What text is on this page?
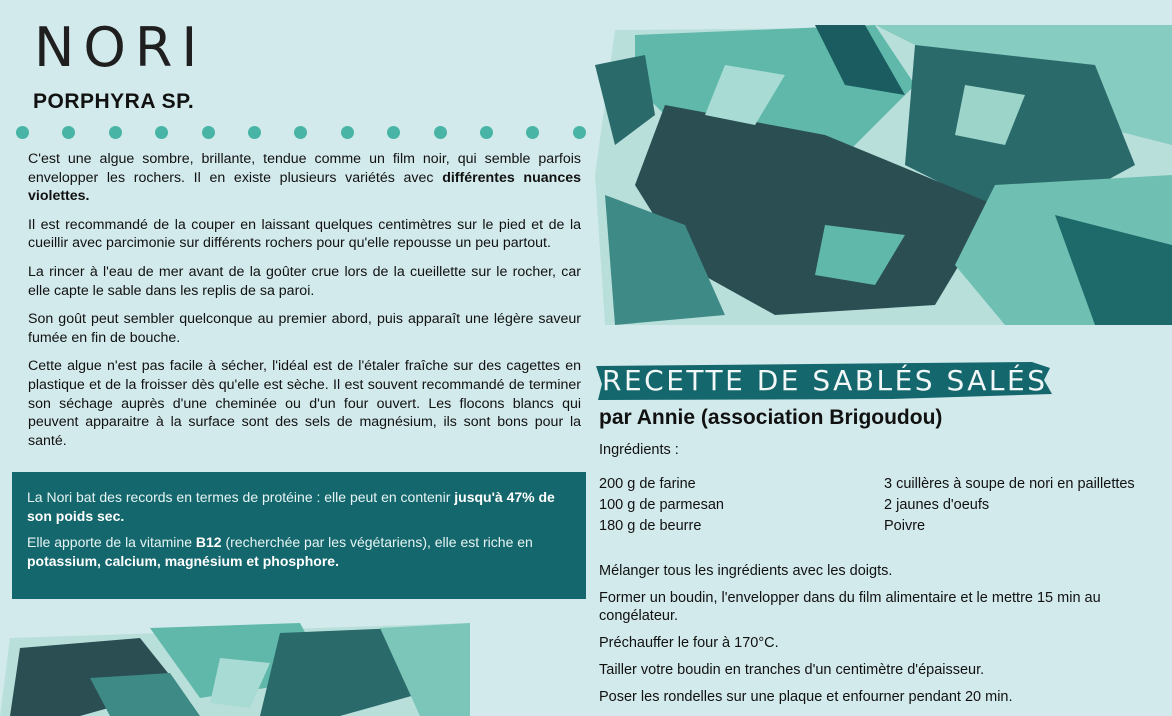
NORI
PORPHYRA SP.

C'est une algue sombre, brillante, tendue comme un film noir, qui semble parfois envelopper les rochers. Il en existe plusieurs variétés avec différentes nuances violettes.

Il est recommandé de la couper en laissant quelques centimètres sur le pied et de la cueillir avec parcimonie sur différents rochers pour qu'elle repousse un peu partout.

La rincer à l'eau de mer avant de la goûter crue lors de la cueillette sur le rocher, car elle capte le sable dans les replis de sa paroi.

Son goût peut sembler quelconque au premier abord, puis apparaît une légère saveur fumée en fin de bouche.

Cette algue n'est pas facile à sécher, l'idéal est de l'étaler fraîche sur des cagettes en plastique et de la froisser dès qu'elle est sèche. Il est souvent recommandé de terminer son séchage auprès d'une cheminée ou d'un four ouvert. Les flocons blancs qui peuvent apparaitre à la surface sont des sels de magnésium, ils sont bons pour la santé.

La Nori bat des records en termes de protéine : elle peut en contenir jusqu'à 47% de son poids sec.

Elle apporte de la vitamine B12 (recherchée par les végétariens), elle est riche en potassium, calcium, magnésium et phosphore.

RECETTE DE SABLÉS SALÉS
par Annie (association Brigoudou)
Ingrédients :
200 g de farine
100 g de parmesan
180 g de beurre
3 cuillères à soupe de nori en paillettes
2 jaunes d'oeufs
Poivre

Mélanger tous les ingrédients avec les doigts.

Former un boudin, l'envelopper dans du film alimentaire et le mettre 15 min au congélateur.

Préchauffer le four à 170°C.

Tailler votre boudin en tranches d'un centimètre d'épaisseur.

Poser les rondelles sur une plaque et enfourner pendant 20 min.
